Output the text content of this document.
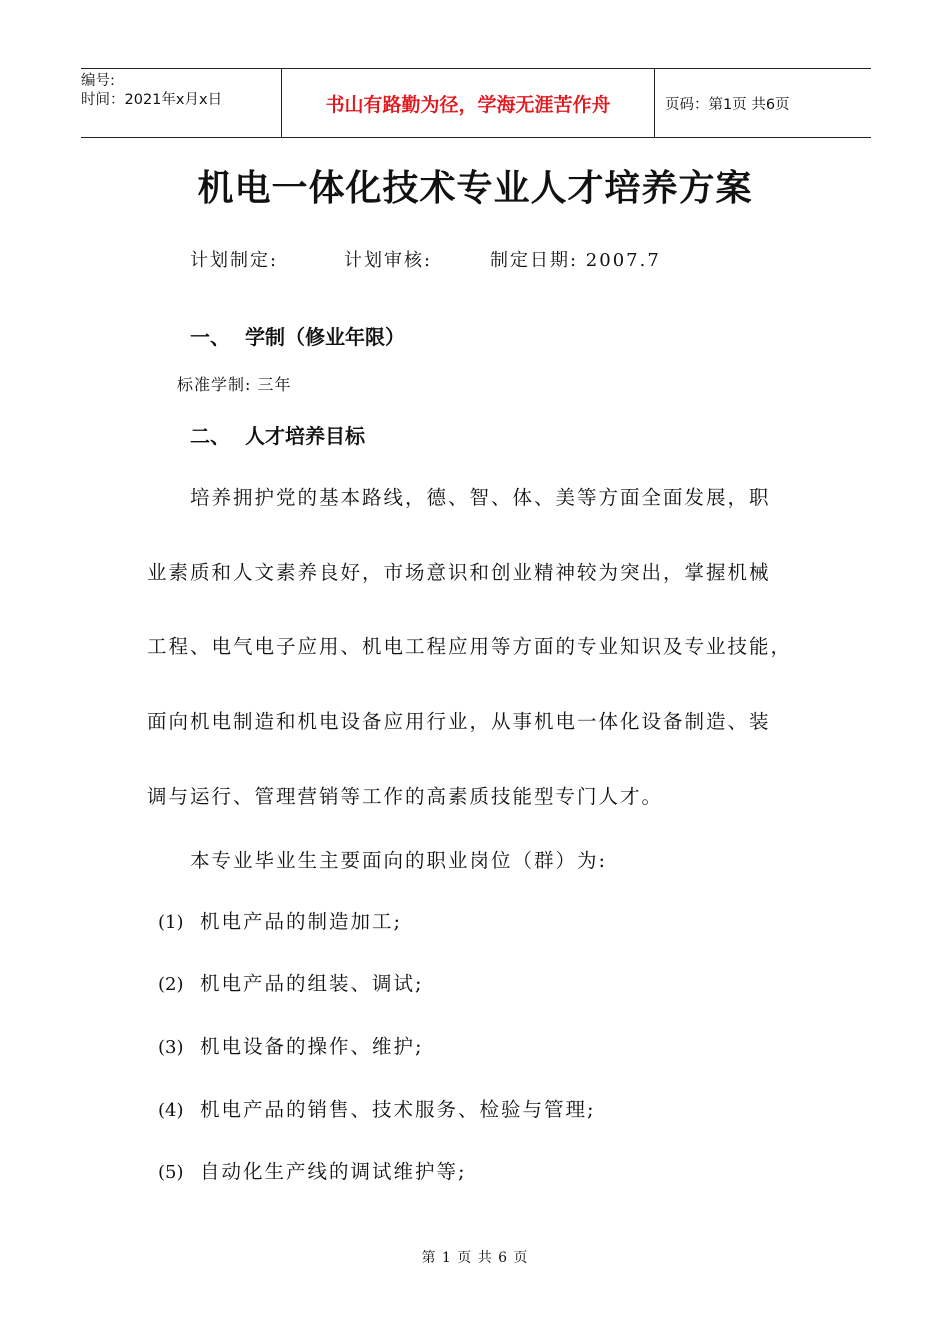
编号:
时间：2021年x月x日	书山有路勤为径，学海无涯苦作舟	页码：第1页 共6页
机电一体化技术专业人才培养方案
计划制定:	计划审核:	制定日期: 2007.7
一、 学制（修业年限）
标准学制: 三年
二、 人才培养目标
培养拥护党的基本路线，德、智、体、美等方面全面发展，职
业素质和人文素养良好，市场意识和创业精神较为突出，掌握机械
工程、电气电子应用、机电工程应用等方面的专业知识及专业技能，
面向机电制造和机电设备应用行业，从事机电一体化设备制造、装
调与运行、管理营销等工作的高素质技能型专门人才。
本专业毕业生主要面向的职业岗位（群）为:
(1) 机电产品的制造加工;
(2) 机电产品的组装、调试;
(3) 机电设备的操作、维护;
(4) 机电产品的销售、技术服务、检验与管理;
(5) 自动化生产线的调试维护等;
第 1 页 共 6 页
